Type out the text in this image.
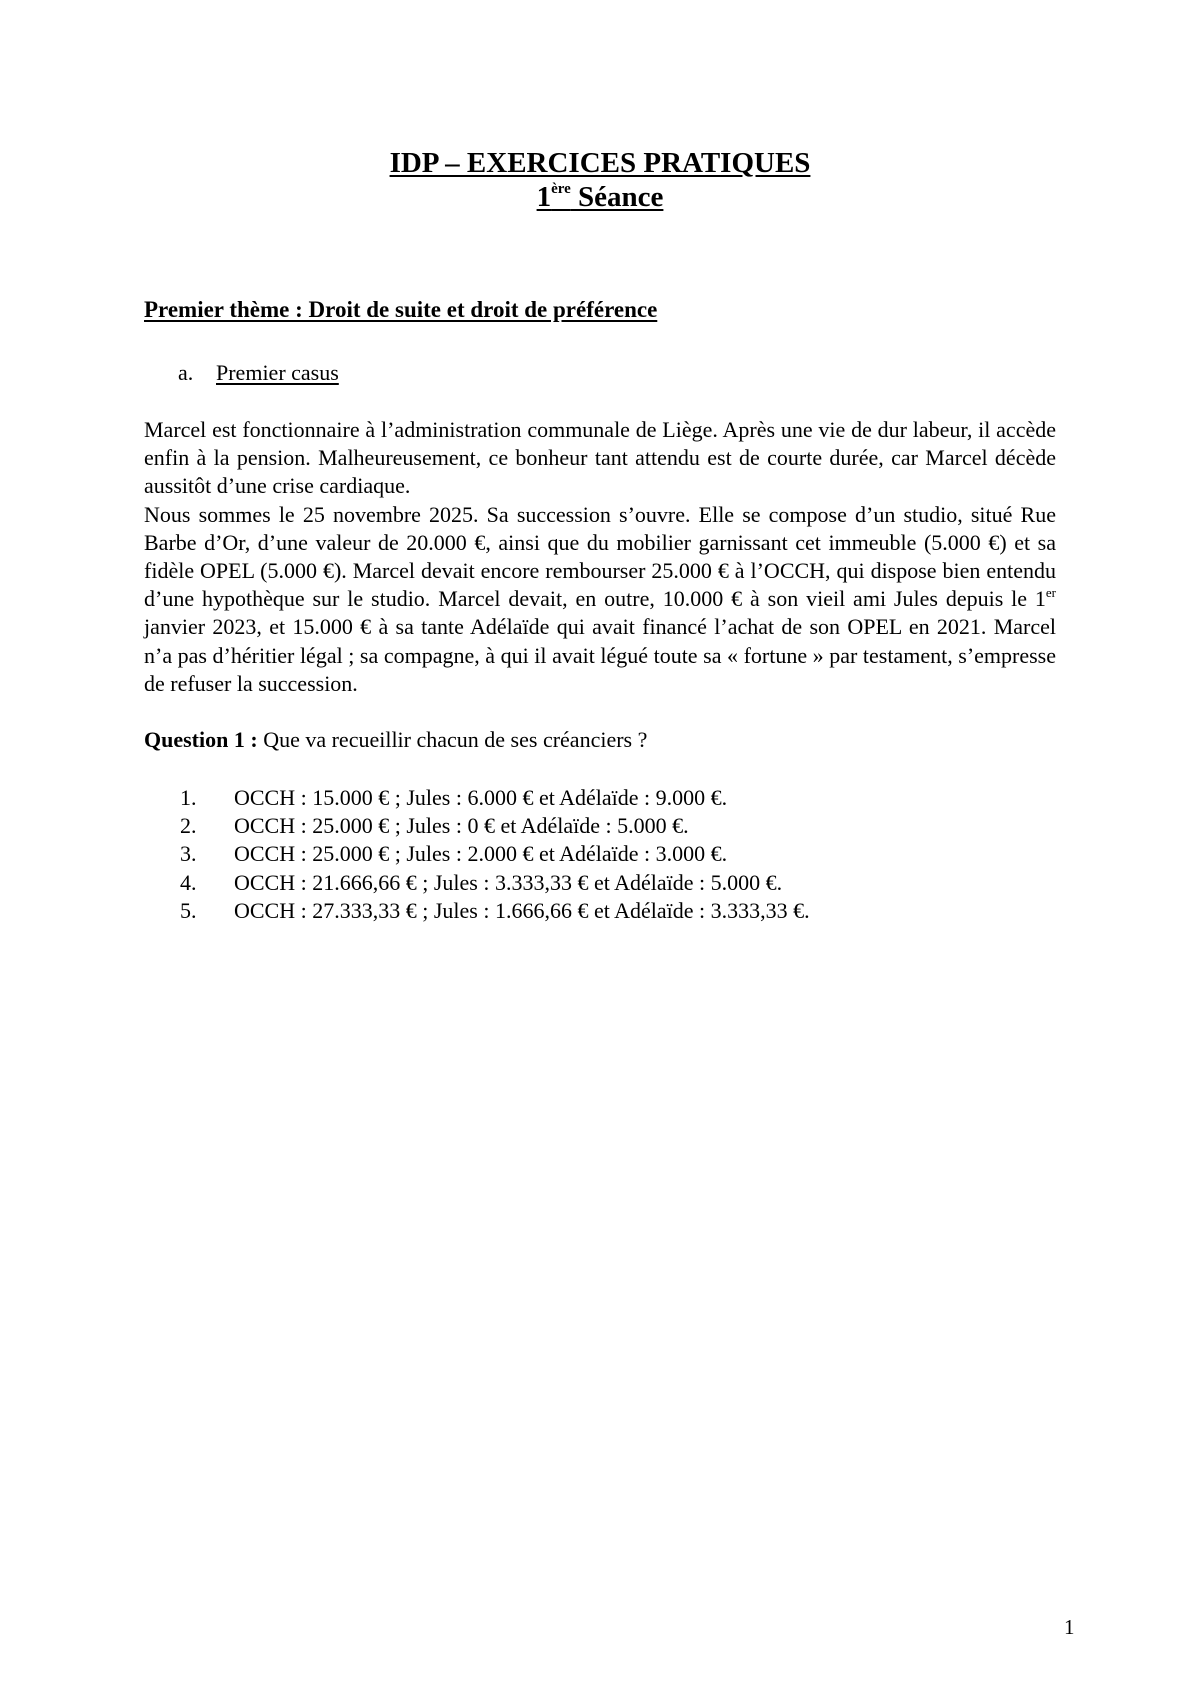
IDP – EXERCICES PRATIQUES
1ère Séance
Premier thème : Droit de suite et droit de préférence
a. Premier casus

Marcel est fonctionnaire à l’administration communale de Liège. Après une vie de dur labeur, il accède enfin à la pension. Malheureusement, ce bonheur tant attendu est de courte durée, car Marcel décède aussitôt d’une crise cardiaque.

Nous sommes le 25 novembre 2025. Sa succession s’ouvre. Elle se compose d’un studio, situé Rue Barbe d’Or, d’une valeur de 20.000 €, ainsi que du mobilier garnissant cet immeuble (5.000 €) et sa fidèle OPEL (5.000 €). Marcel devait encore rembourser 25.000 € à l’OCCH, qui dispose bien entendu d’une hypothèque sur le studio. Marcel devait, en outre, 10.000 € à son vieil ami Jules depuis le 1er janvier 2023, et 15.000 € à sa tante Adélaïde qui avait financé l’achat de son OPEL en 2021. Marcel n’a pas d’héritier légal ; sa compagne, à qui il avait légué toute sa « fortune » par testament, s’empresse de refuser la succession.

Question 1 : Que va recueillir chacun de ses créanciers ?
1.	OCCH : 15.000 € ; Jules : 6.000 € et Adélaïde : 9.000 €.
2.	OCCH : 25.000 € ; Jules : 0 € et Adélaïde : 5.000 €.
3.	OCCH : 25.000 € ; Jules : 2.000 € et Adélaïde : 3.000 €.
4.	OCCH : 21.666,66 € ; Jules : 3.333,33 € et Adélaïde : 5.000 €.
5.	OCCH : 27.333,33 € ; Jules : 1.666,66 € et Adélaïde : 3.333,33 €.
1
